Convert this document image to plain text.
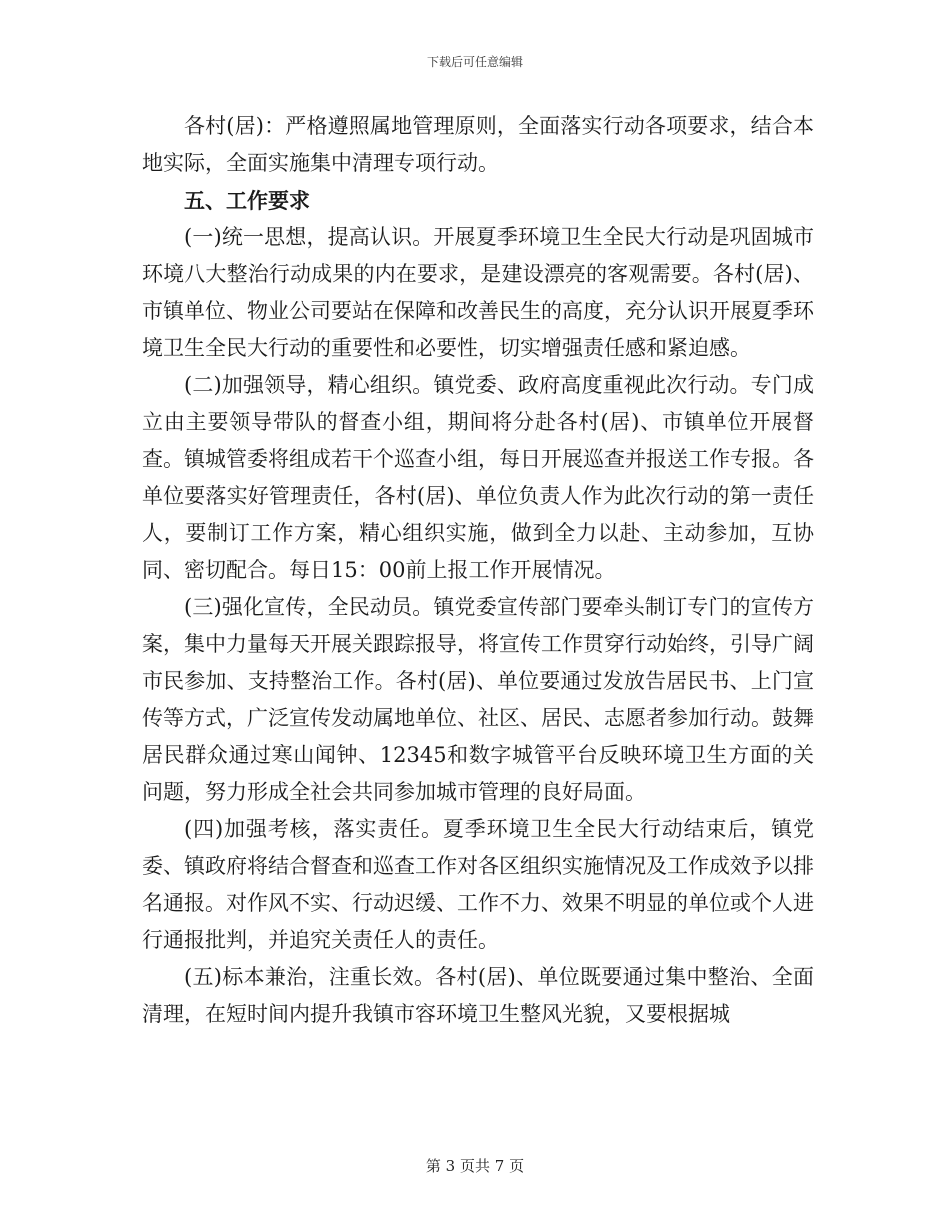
下载后可任意编辑

各村(居)：严格遵照属地管理原则，全面落实行动各项要求，结合本地实际，全面实施集中清理专项行动。

五、工作要求

(一)统一思想，提高认识。开展夏季环境卫生全民大行动是巩固城市环境八大整治行动成果的内在要求，是建设漂亮的客观需要。各村(居)、市镇单位、物业公司要站在保障和改善民生的高度，充分认识开展夏季环境卫生全民大行动的重要性和必要性，切实增强责任感和紧迫感。

(二)加强领导，精心组织。镇党委、政府高度重视此次行动。专门成立由主要领导带队的督查小组，期间将分赴各村(居)、市镇单位开展督查。镇城管委将组成若干个巡查小组，每日开展巡查并报送工作专报。各单位要落实好管理责任，各村(居)、单位负责人作为此次行动的第一责任人，要制订工作方案，精心组织实施，做到全力以赴、主动参加，互协同、密切配合。每日15：00前上报工作开展情况。

(三)强化宣传，全民动员。镇党委宣传部门要牵头制订专门的宣传方案，集中力量每天开展关跟踪报导，将宣传工作贯穿行动始终，引导广阔市民参加、支持整治工作。各村(居)、单位要通过发放告居民书、上门宣传等方式，广泛宣传发动属地单位、社区、居民、志愿者参加行动。鼓舞居民群众通过寒山闻钟、12345和数字城管平台反映环境卫生方面的关问题，努力形成全社会共同参加城市管理的良好局面。

(四)加强考核，落实责任。夏季环境卫生全民大行动结束后，镇党委、镇政府将结合督查和巡查工作对各区组织实施情况及工作成效予以排名通报。对作风不实、行动迟缓、工作不力、效果不明显的单位或个人进行通报批判，并追究关责任人的责任。

(五)标本兼治，注重长效。各村(居)、单位既要通过集中整治、全面清理，在短时间内提升我镇市容环境卫生整风光貌，又要根据城

第 3 页共 7 页
